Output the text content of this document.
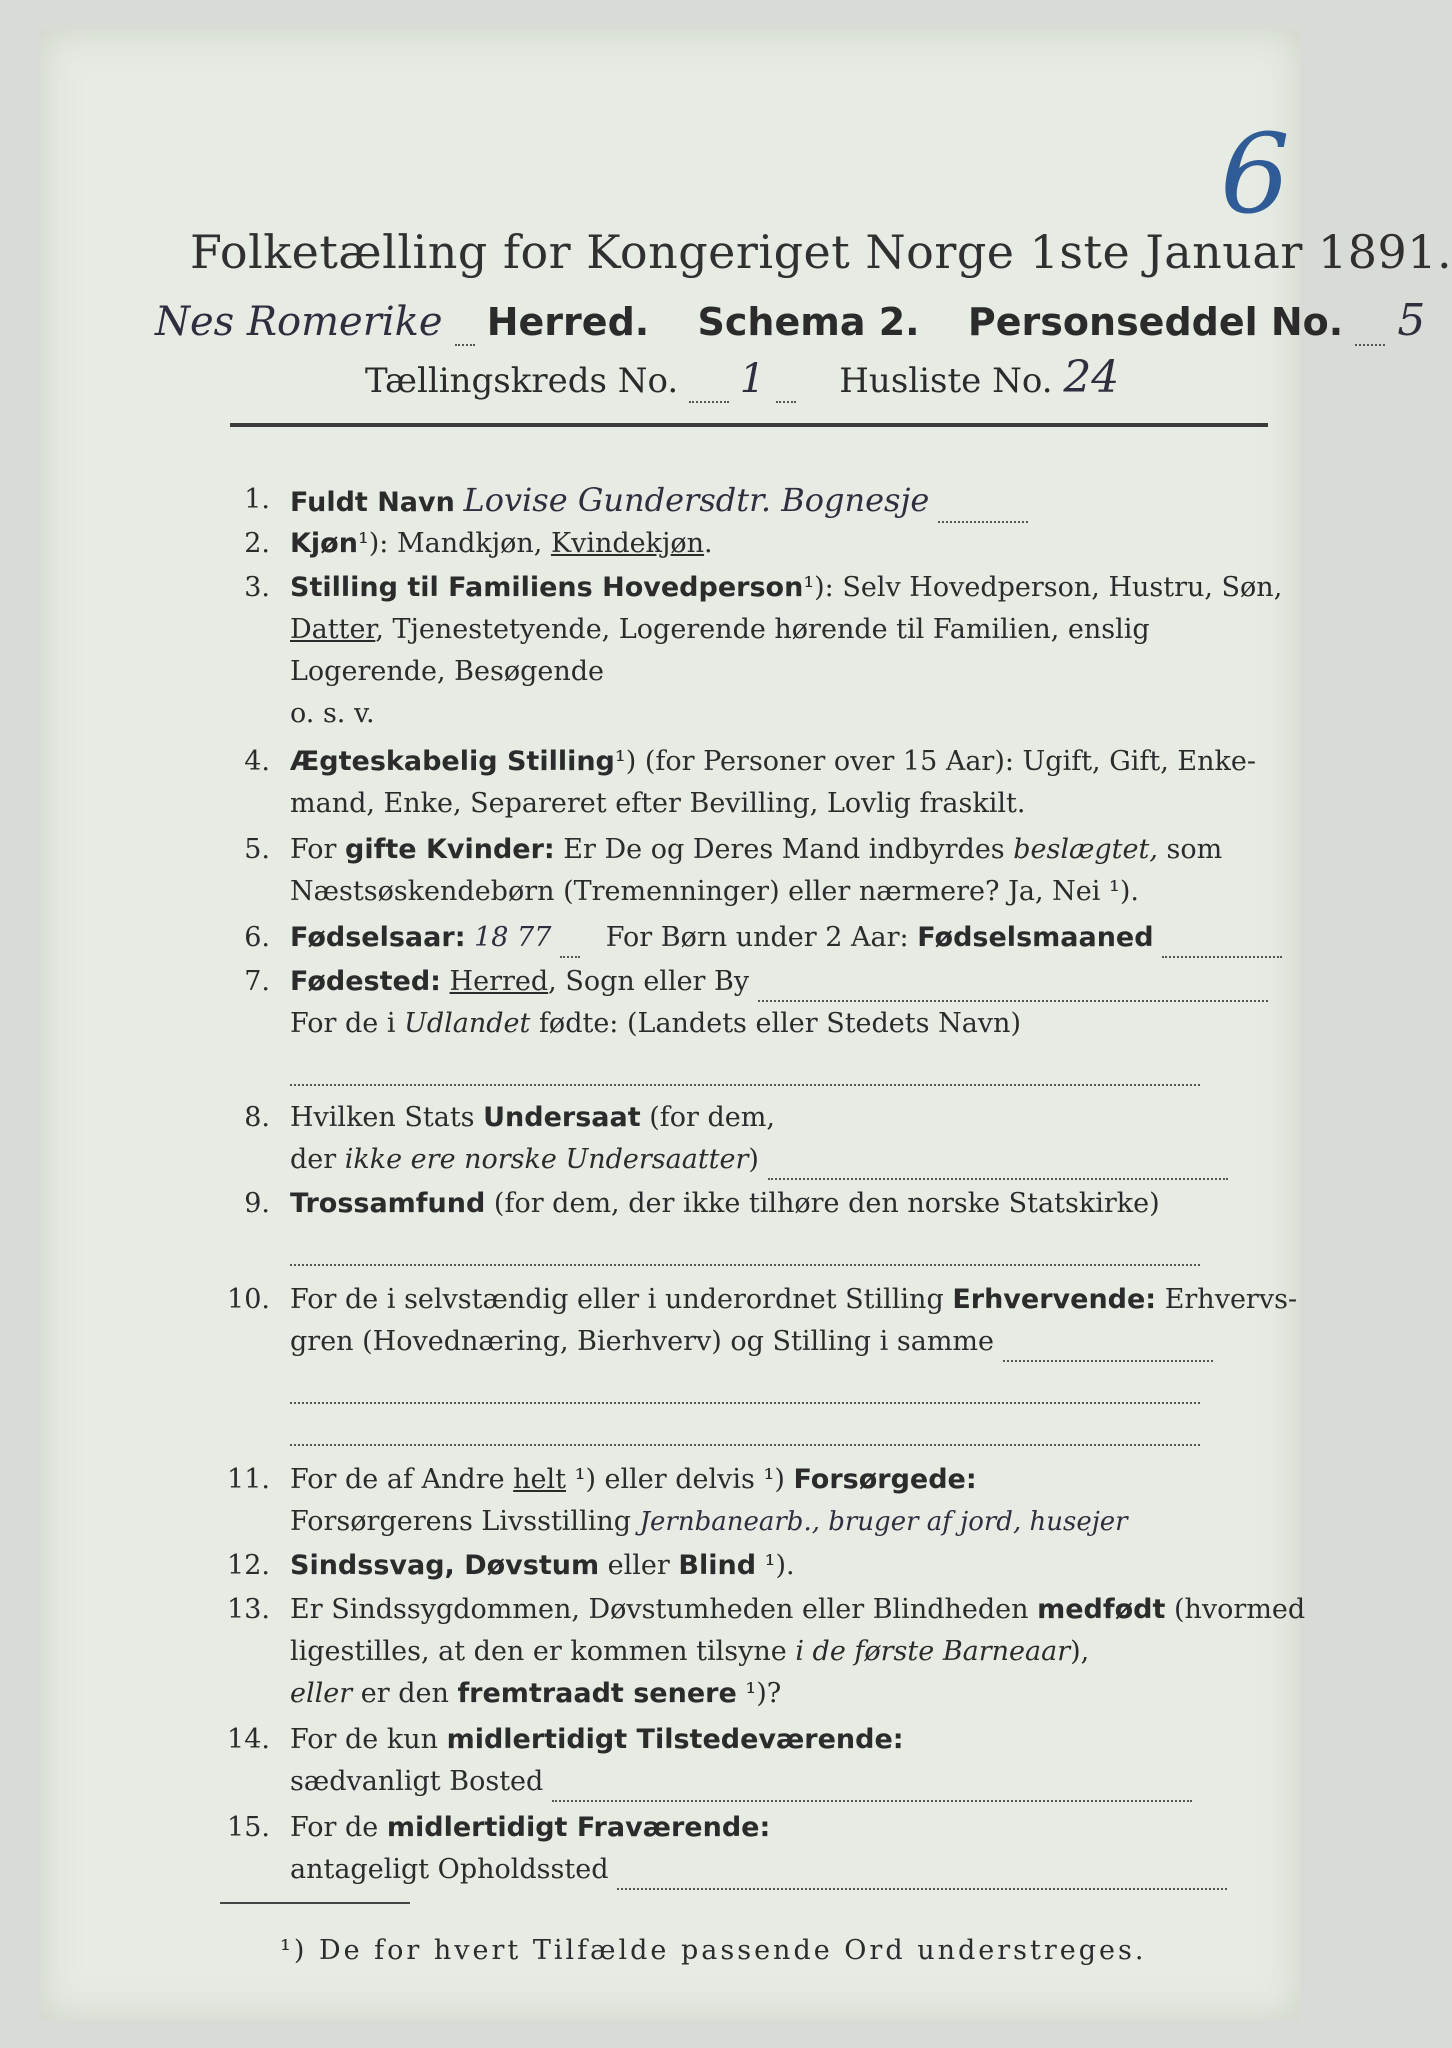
6
Folketælling for Kongeriget Norge 1ste Januar 1891.
Nes Romerike Herred. Schema 2. Personseddel No. 5
Tællingskreds No. 1 Husliste No. 24
1. Fuldt Navn Lovise Gundersdtr. Bognesje
2. Kjøn¹): Mandkjøn, Kvindekjøn.
3. Stilling til Familiens Hovedperson¹): Selv Hovedperson, Hustru, Søn,
Datter, Tjenestetyende, Logerende hørende til Familien, enslig
Logerende, Besøgende
o. s. v.
4. Ægteskabelig Stilling¹) (for Personer over 15 Aar): Ugift, Gift, Enke-
mand, Enke, Separeret efter Bevilling, Lovlig fraskilt.
5. For gifte Kvinder: Er De og Deres Mand indbyrdes beslægtet, som
Næstsøskendebørn (Tremenninger) eller nærmere? Ja, Nei ¹).
6. Fødselsaar: 18 77 For Børn under 2 Aar: Fødselsmaaned
7. Fødested: Herred, Sogn eller By
For de i Udlandet fødte: (Landets eller Stedets Navn)
8. Hvilken Stats Undersaat (for dem,
der ikke ere norske Undersaatter)
9. Trossamfund (for dem, der ikke tilhøre den norske Statskirke)
10. For de i selvstændig eller i underordnet Stilling Erhvervende: Erhvervs-
gren (Hovednæring, Bierhverv) og Stilling i samme
11. For de af Andre helt ¹) eller delvis ¹) Forsørgede:
Forsørgerens Livsstilling Jernbanearb., bruger af jord, husejer
12. Sindssvag, Døvstum eller Blind ¹).
13. Er Sindssygdommen, Døvstumheden eller Blindheden medfødt (hvormed
ligestilles, at den er kommen tilsyne i de første Barneaar),
eller er den fremtraadt senere ¹)?
14. For de kun midlertidigt Tilstedeværende:
sædvanligt Bosted
15. For de midlertidigt Fraværende:
antageligt Opholdssted
¹) De for hvert Tilfælde passende Ord understreges.
